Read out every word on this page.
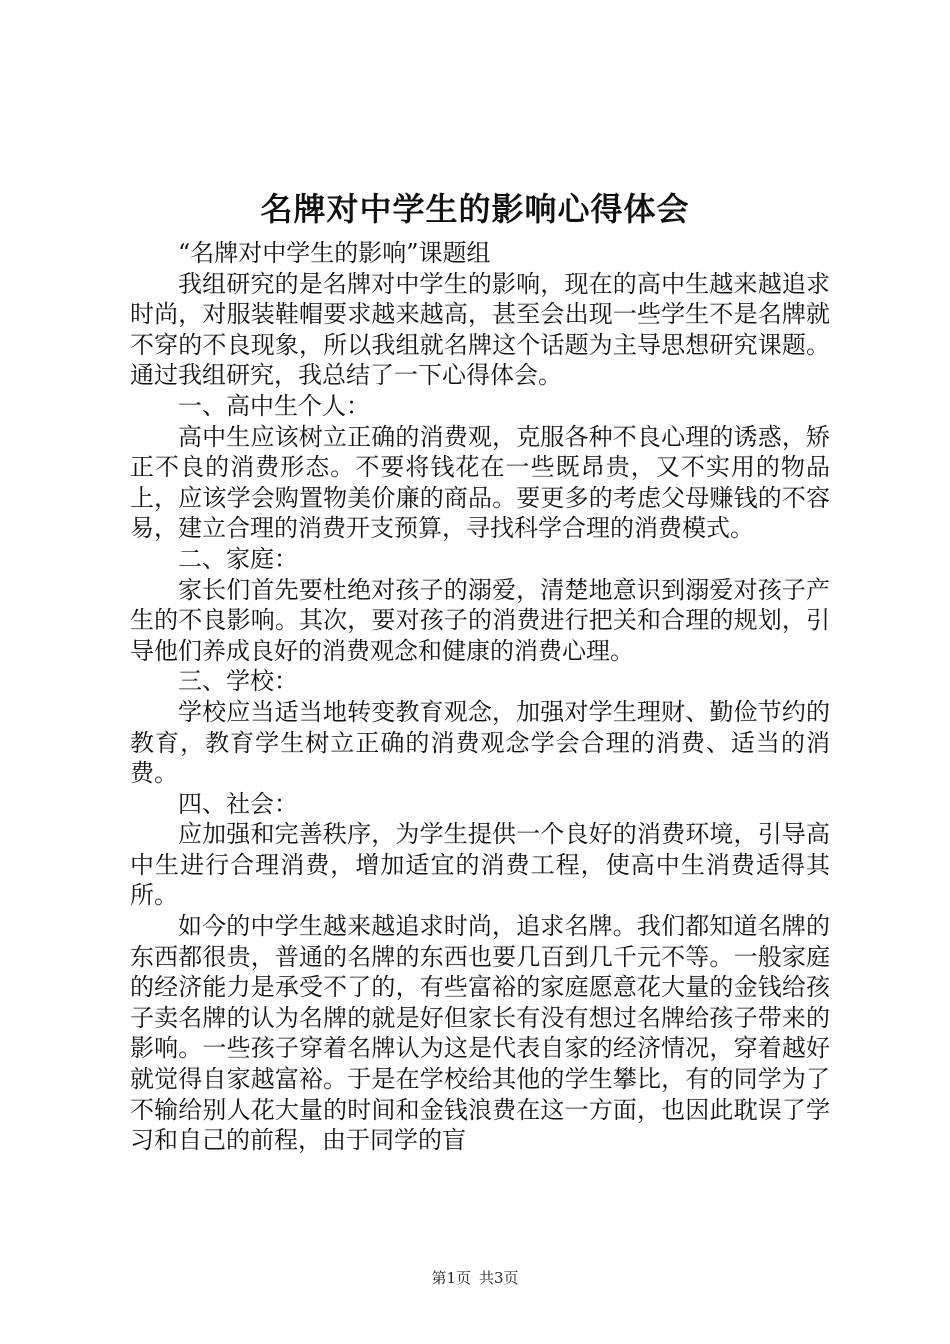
名牌对中学生的影响心得体会

“名牌对中学生的影响”课题组

我组研究的是名牌对中学生的影响，现在的高中生越来越追求时尚，对服装鞋帽要求越来越高，甚至会出现一些学生不是名牌就不穿的不良现象，所以我组就名牌这个话题为主导思想研究课题。通过我组研究，我总结了一下心得体会。

一、高中生个人：

高中生应该树立正确的消费观，克服各种不良心理的诱惑，矫正不良的消费形态。不要将钱花在一些既昂贵，又不实用的物品上，应该学会购置物美价廉的商品。要更多的考虑父母赚钱的不容易，建立合理的消费开支预算，寻找科学合理的消费模式。

二、家庭：

家长们首先要杜绝对孩子的溺爱，清楚地意识到溺爱对孩子产生的不良影响。其次，要对孩子的消费进行把关和合理的规划，引导他们养成良好的消费观念和健康的消费心理。

三、学校：

学校应当适当地转变教育观念，加强对学生理财、勤俭节约的教育，教育学生树立正确的消费观念学会合理的消费、适当的消费。

四、社会：

应加强和完善秩序，为学生提供一个良好的消费环境，引导高中生进行合理消费，增加适宜的消费工程，使高中生消费适得其所。

如今的中学生越来越追求时尚，追求名牌。我们都知道名牌的东西都很贵，普通的名牌的东西也要几百到几千元不等。一般家庭的经济能力是承受不了的，有些富裕的家庭愿意花大量的金钱给孩子卖名牌的认为名牌的就是好但家长有没有想过名牌给孩子带来的影响。一些孩子穿着名牌认为这是代表自家的经济情况，穿着越好就觉得自家越富裕。于是在学校给其他的学生攀比，有的同学为了不输给别人花大量的时间和金钱浪费在这一方面，也因此耽误了学习和自己的前程，由于同学的盲

第1页 共3页
